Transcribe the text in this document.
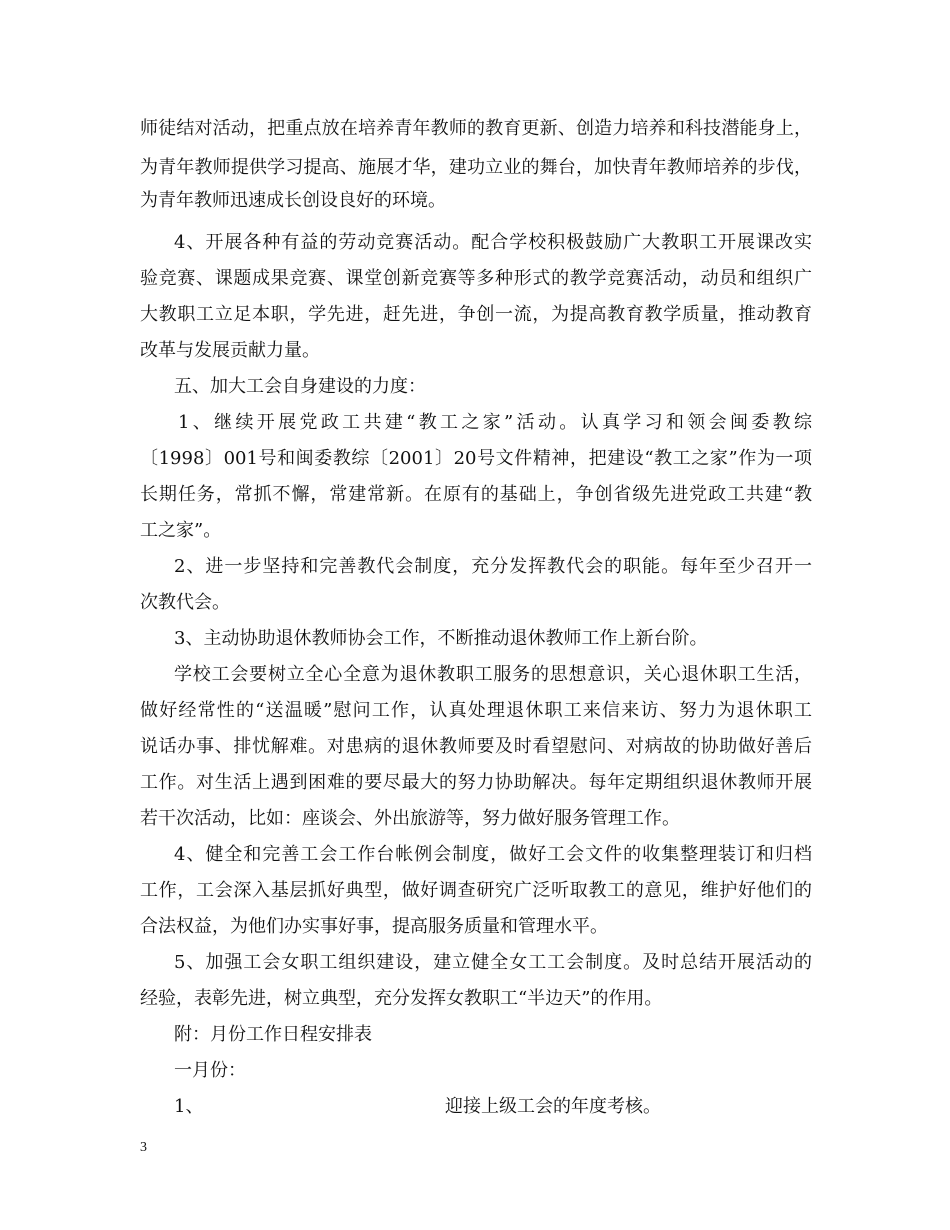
师徒结对活动，把重点放在培养青年教师的教育更新、创造力培养和科技潜能身上，
为青年教师提供学习提高、施展才华，建功立业的舞台，加快青年教师培养的步伐，
为青年教师迅速成长创设良好的环境。
4、开展各种有益的劳动竞赛活动。配合学校积极鼓励广大教职工开展课改实
验竞赛、课题成果竞赛、课堂创新竞赛等多种形式的教学竞赛活动，动员和组织广
大教职工立足本职，学先进，赶先进，争创一流，为提高教育教学质量，推动教育
改革与发展贡献力量。
五、加大工会自身建设的力度：
1、继续开展党政工共建“教工之家”活动。认真学习和领会闽委教综
〔1998〕001号和闽委教综〔2001〕20号文件精神，把建设“教工之家”作为一项
长期任务，常抓不懈，常建常新。在原有的基础上，争创省级先进党政工共建“教
工之家”。
2、进一步坚持和完善教代会制度，充分发挥教代会的职能。每年至少召开一
次教代会。
3、主动协助退休教师协会工作，不断推动退休教师工作上新台阶。
学校工会要树立全心全意为退休教职工服务的思想意识，关心退休职工生活，
做好经常性的“送温暖”慰问工作，认真处理退休职工来信来访、努力为退休职工
说话办事、排忧解难。对患病的退休教师要及时看望慰问、对病故的协助做好善后
工作。对生活上遇到困难的要尽最大的努力协助解决。每年定期组织退休教师开展
若干次活动，比如：座谈会、外出旅游等，努力做好服务管理工作。
4、健全和完善工会工作台帐例会制度，做好工会文件的收集整理装订和归档
工作，工会深入基层抓好典型，做好调查研究广泛听取教工的意见，维护好他们的
合法权益，为他们办实事好事，提高服务质量和管理水平。
5、加强工会女职工组织建设，建立健全女工工会制度。及时总结开展活动的
经验，表彰先进，树立典型，充分发挥女教职工“半边天”的作用。
附：月份工作日程安排表
一月份：
1、	迎接上级工会的年度考核。
3
